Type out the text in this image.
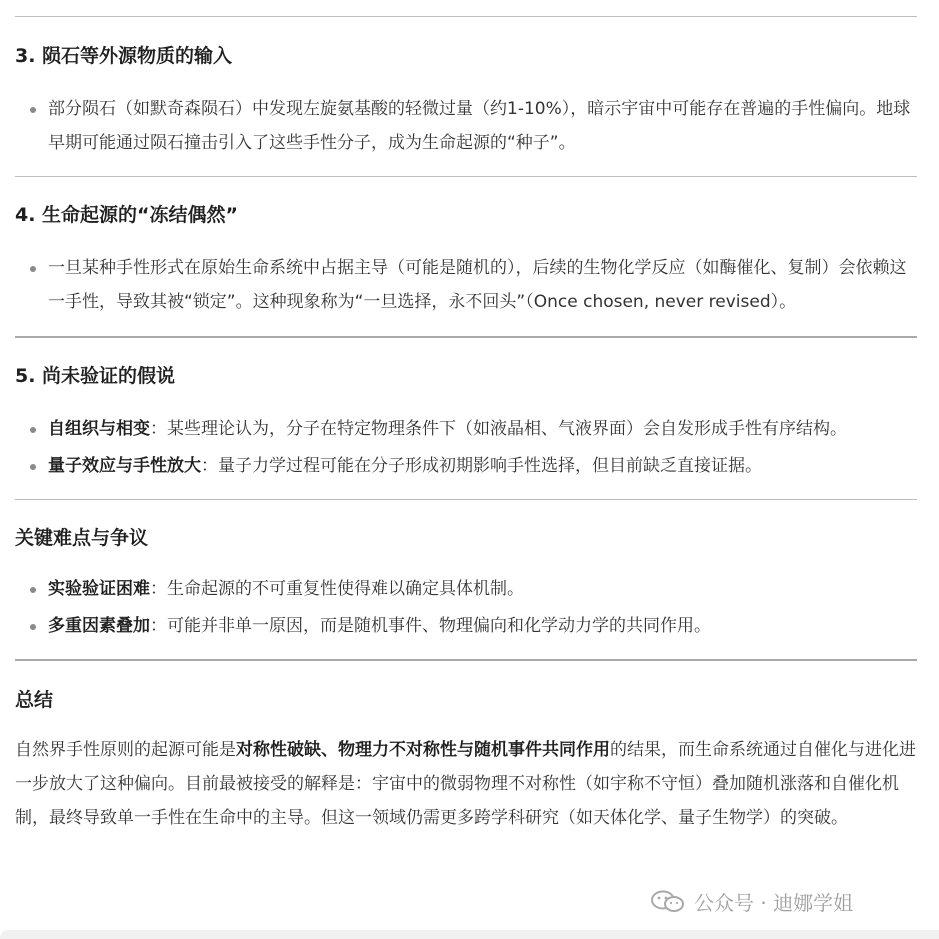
3. 陨石等外源物质的输入
部分陨石（如默奇森陨石）中发现左旋氨基酸的轻微过量（约1-10%），暗示宇宙中可能存在普遍的手性偏向。地球早期可能通过陨石撞击引入了这些手性分子，成为生命起源的“种子”。
4. 生命起源的“冻结偶然”
一旦某种手性形式在原始生命系统中占据主导（可能是随机的），后续的生物化学反应（如酶催化、复制）会依赖这一手性，导致其被“锁定”。这种现象称为“一旦选择，永不回头”（Once chosen, never revised）。
5. 尚未验证的假说
自组织与相变：某些理论认为，分子在特定物理条件下（如液晶相、气液界面）会自发形成手性有序结构。
量子效应与手性放大：量子力学过程可能在分子形成初期影响手性选择，但目前缺乏直接证据。
关键难点与争议
实验验证困难：生命起源的不可重复性使得难以确定具体机制。
多重因素叠加：可能并非单一原因，而是随机事件、物理偏向和化学动力学的共同作用。
总结

自然界手性原则的起源可能是对称性破缺、物理力不对称性与随机事件共同作用的结果，而生命系统通过自催化与进化进一步放大了这种偏向。目前最被接受的解释是：宇宙中的微弱物理不对称性（如宇称不守恒）叠加随机涨落和自催化机制，最终导致单一手性在生命中的主导。但这一领域仍需更多跨学科研究（如天体化学、量子生物学）的突破。

公众号 · 迪娜学姐
